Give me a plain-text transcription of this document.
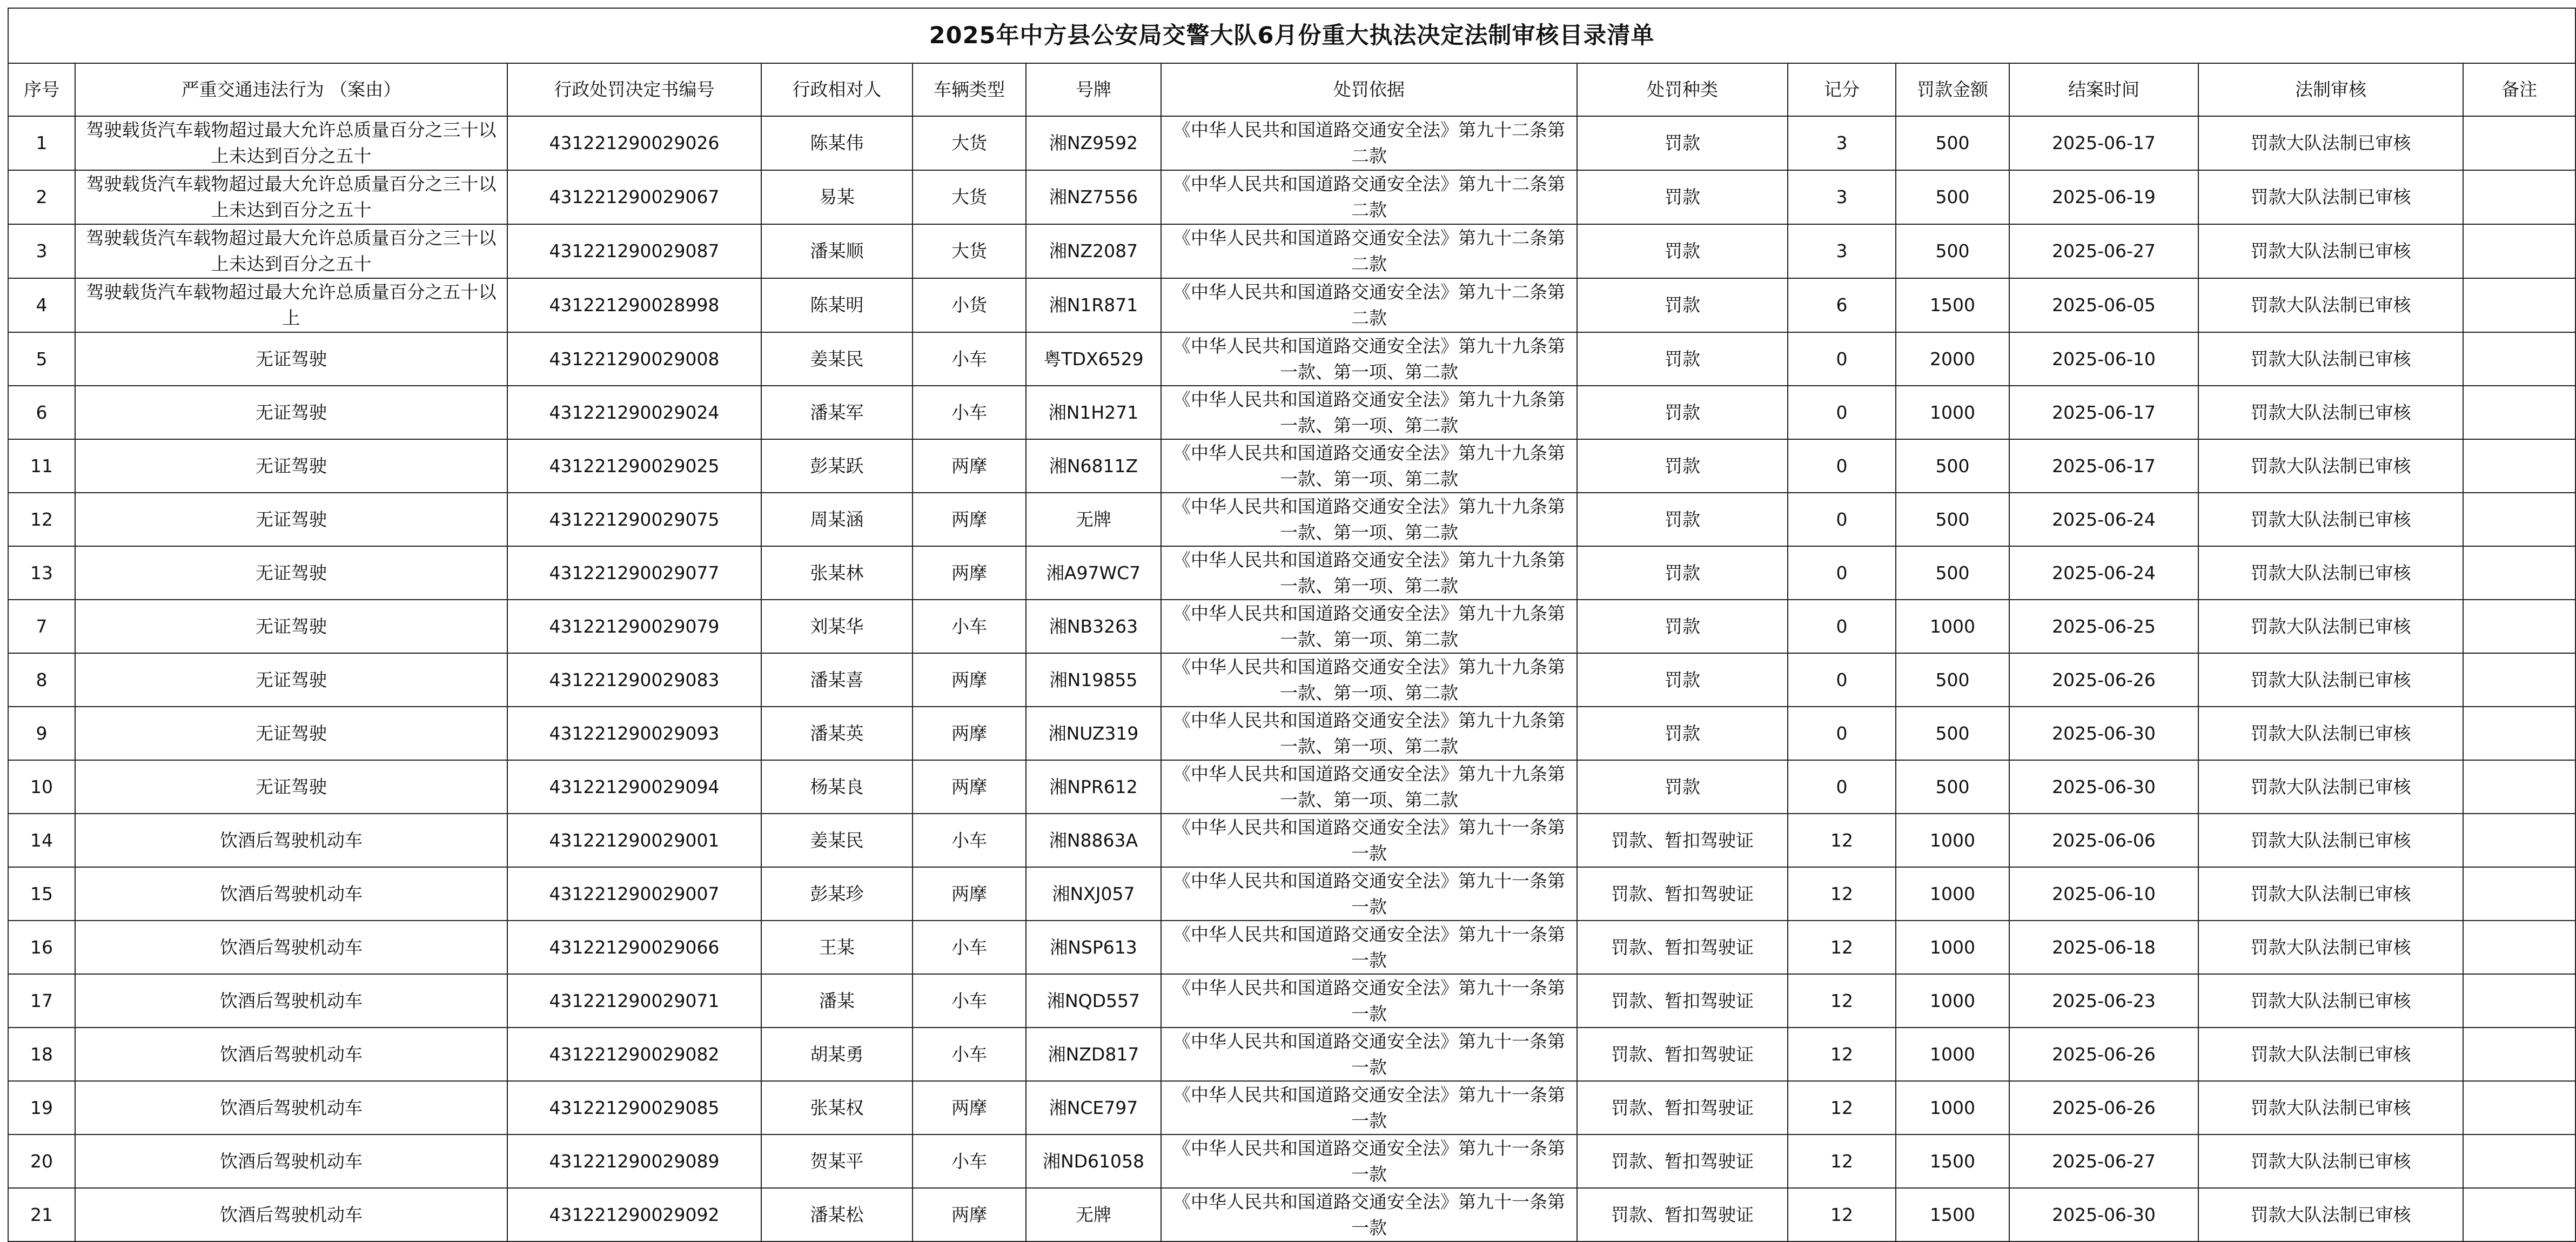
2025年中方县公安局交警大队6月份重大执法决定法制审核目录清单												
序号	严重交通违法行为 （案由）	行政处罚决定书编号	行政相对人	车辆类型	号牌	处罚依据	处罚种类	记分	罚款金额	结案时间	法制审核	备注
1	驾驶载货汽车载物超过最大允许总质量百分之三十以上未达到百分之五十	431221290029026	陈某伟	大货	湘NZ9592	《中华人民共和国道路交通安全法》第九十二条第二款	罚款	3	500	2025-06-17	罚款大队法制已审核	
2	驾驶载货汽车载物超过最大允许总质量百分之三十以上未达到百分之五十	431221290029067	易某	大货	湘NZ7556	《中华人民共和国道路交通安全法》第九十二条第二款	罚款	3	500	2025-06-19	罚款大队法制已审核	
3	驾驶载货汽车载物超过最大允许总质量百分之三十以上未达到百分之五十	431221290029087	潘某顺	大货	湘NZ2087	《中华人民共和国道路交通安全法》第九十二条第二款	罚款	3	500	2025-06-27	罚款大队法制已审核	
4	驾驶载货汽车载物超过最大允许总质量百分之五十以上	431221290028998	陈某明	小货	湘N1R871	《中华人民共和国道路交通安全法》第九十二条第二款	罚款	6	1500	2025-06-05	罚款大队法制已审核	
5	无证驾驶	431221290029008	姜某民	小车	粤TDX6529	《中华人民共和国道路交通安全法》第九十九条第一款、第一项、第二款	罚款	0	2000	2025-06-10	罚款大队法制已审核	
6	无证驾驶	431221290029024	潘某军	小车	湘N1H271	《中华人民共和国道路交通安全法》第九十九条第一款、第一项、第二款	罚款	0	1000	2025-06-17	罚款大队法制已审核	
11	无证驾驶	431221290029025	彭某跃	两摩	湘N6811Z	《中华人民共和国道路交通安全法》第九十九条第一款、第一项、第二款	罚款	0	500	2025-06-17	罚款大队法制已审核	
12	无证驾驶	431221290029075	周某涵	两摩	无牌	《中华人民共和国道路交通安全法》第九十九条第一款、第一项、第二款	罚款	0	500	2025-06-24	罚款大队法制已审核	
13	无证驾驶	431221290029077	张某林	两摩	湘A97WC7	《中华人民共和国道路交通安全法》第九十九条第一款、第一项、第二款	罚款	0	500	2025-06-24	罚款大队法制已审核	
7	无证驾驶	431221290029079	刘某华	小车	湘NB3263	《中华人民共和国道路交通安全法》第九十九条第一款、第一项、第二款	罚款	0	1000	2025-06-25	罚款大队法制已审核	
8	无证驾驶	431221290029083	潘某喜	两摩	湘N19855	《中华人民共和国道路交通安全法》第九十九条第一款、第一项、第二款	罚款	0	500	2025-06-26	罚款大队法制已审核	
9	无证驾驶	431221290029093	潘某英	两摩	湘NUZ319	《中华人民共和国道路交通安全法》第九十九条第一款、第一项、第二款	罚款	0	500	2025-06-30	罚款大队法制已审核	
10	无证驾驶	431221290029094	杨某良	两摩	湘NPR612	《中华人民共和国道路交通安全法》第九十九条第一款、第一项、第二款	罚款	0	500	2025-06-30	罚款大队法制已审核	
14	饮酒后驾驶机动车	431221290029001	姜某民	小车	湘N8863A	《中华人民共和国道路交通安全法》第九十一条第一款	罚款、暂扣驾驶证	12	1000	2025-06-06	罚款大队法制已审核	
15	饮酒后驾驶机动车	431221290029007	彭某珍	两摩	湘NXJ057	《中华人民共和国道路交通安全法》第九十一条第一款	罚款、暂扣驾驶证	12	1000	2025-06-10	罚款大队法制已审核	
16	饮酒后驾驶机动车	431221290029066	王某	小车	湘NSP613	《中华人民共和国道路交通安全法》第九十一条第一款	罚款、暂扣驾驶证	12	1000	2025-06-18	罚款大队法制已审核	
17	饮酒后驾驶机动车	431221290029071	潘某	小车	湘NQD557	《中华人民共和国道路交通安全法》第九十一条第一款	罚款、暂扣驾驶证	12	1000	2025-06-23	罚款大队法制已审核	
18	饮酒后驾驶机动车	431221290029082	胡某勇	小车	湘NZD817	《中华人民共和国道路交通安全法》第九十一条第一款	罚款、暂扣驾驶证	12	1000	2025-06-26	罚款大队法制已审核	
19	饮酒后驾驶机动车	431221290029085	张某权	两摩	湘NCE797	《中华人民共和国道路交通安全法》第九十一条第一款	罚款、暂扣驾驶证	12	1000	2025-06-26	罚款大队法制已审核	
20	饮酒后驾驶机动车	431221290029089	贺某平	小车	湘ND61058	《中华人民共和国道路交通安全法》第九十一条第一款	罚款、暂扣驾驶证	12	1500	2025-06-27	罚款大队法制已审核	
21	饮酒后驾驶机动车	431221290029092	潘某松	两摩	无牌	《中华人民共和国道路交通安全法》第九十一条第一款	罚款、暂扣驾驶证	12	1500	2025-06-30	罚款大队法制已审核	
